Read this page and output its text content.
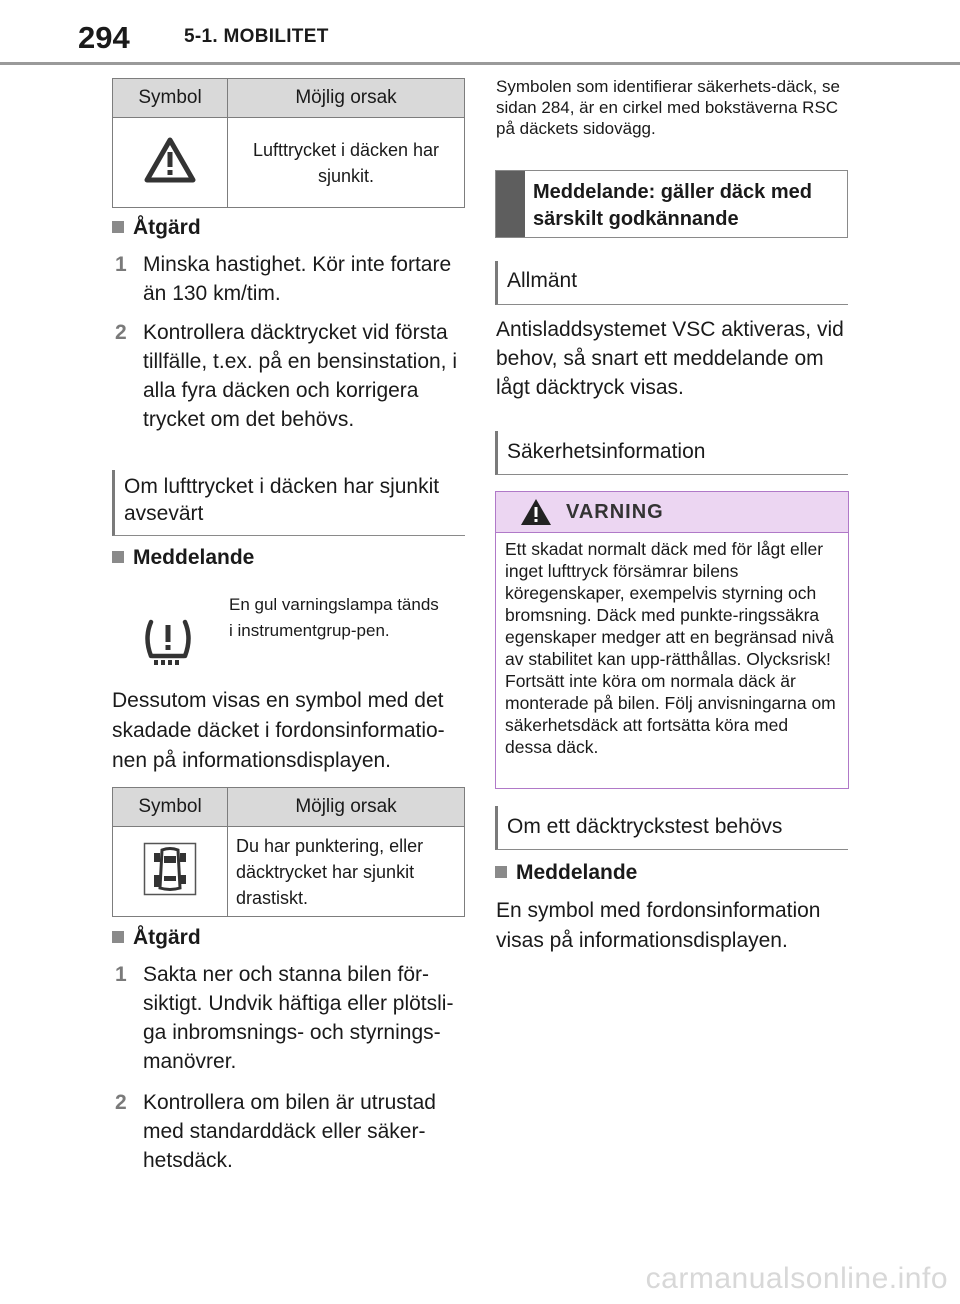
294	5-1. MOBILITET
Symbol	Möjlig orsak
	Lufttrycket i däcken har sjunkit.
Åtgärd
1 Minska hastighet. Kör inte fortare än 130 km/tim.
2 Kontrollera däcktrycket vid första tillfälle, t.ex. på en bensinstation, i alla fyra däcken och korrigera trycket om det behövs.
Om lufttrycket i däcken har sjunkit avsevärt
Meddelande
En gul varningslampa tänds i instrumentgrup-pen.
Dessutom visas en symbol med det skadade däcket i fordonsinformatio-nen på informationsdisplayen.
Symbol	Möjlig orsak
	Du har punktering, eller däcktrycket har sjunkit drastiskt.
Åtgärd
1 Sakta ner och stanna bilen för-siktigt. Undvik häftiga eller plötsli-ga inbromsnings- och styrnings-manövrer.
2 Kontrollera om bilen är utrustad med standarddäck eller säker-hetsdäck.
Symbolen som identifierar säkerhets-däck, se sidan 284, är en cirkel med bokstäverna RSC på däckets sidovägg.
Meddelande: gäller däck med särskilt godkännande
Allmänt
Antisladdsystemet VSC aktiveras, vid behov, så snart ett meddelande om lågt däcktryck visas.
Säkerhetsinformation
VARNING
Ett skadat normalt däck med för lågt eller inget lufttryck försämrar bilens köregenskaper, exempelvis styrning och bromsning. Däck med punkte-ringssäkra egenskaper medger att en begränsad nivå av stabilitet kan upp-rätthållas. Olycksrisk! Fortsätt inte köra om normala däck är monterade på bilen. Följ anvisningarna om säkerhetsdäck att fortsätta köra med dessa däck.
Om ett däcktryckstest behövs
Meddelande
En symbol med fordonsinformation visas på informationsdisplayen.
carmanualsonline.info
